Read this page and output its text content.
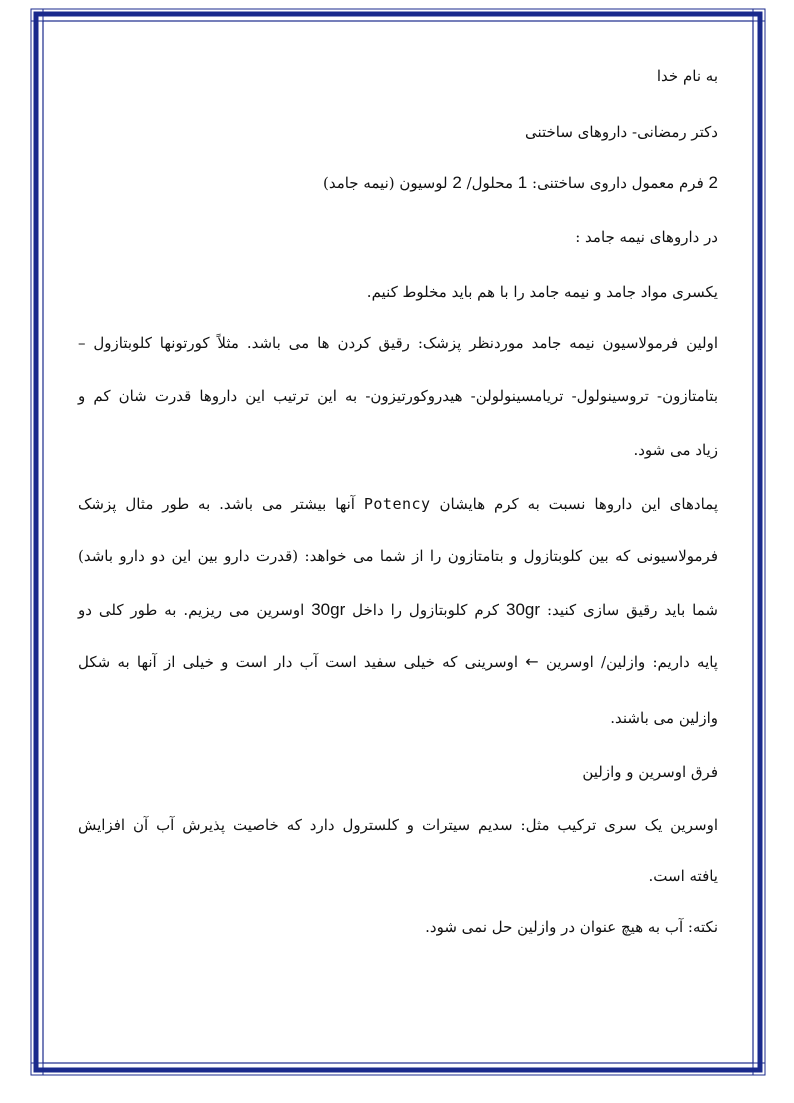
به نام خدا
دکتر رمضانی- داروهای ساختنی
2 فرم معمول داروی ساختنی: 1 محلول/ 2 لوسیون (نیمه جامد)
در داروهای نیمه جامد :
یکسری مواد جامد و نیمه جامد را با هم باید مخلوط کنیم.
اولین فرمولاسیون نیمه جامد موردنظر پزشک: رقیق کردن ها می باشد. مثلاً کورتونها کلوبتازول –
بتامتازون- تروسینولول- تریامسینولولن- هیدروکورتیزون- به این ترتیب این داروها قدرت شان کم و
زیاد می شود.
پمادهای این داروها نسبت به کرم هایشان Potency آنها بیشتر می باشد. به طور مثال پزشک
فرمولاسیونی که بین کلوبتازول و بتامتازون را از شما می خواهد: (قدرت دارو بین این دو دارو باشد)
شما باید رقیق سازی کنید: 30gr کرم کلوبتازول را داخل 30gr اوسرین می ریزیم. به طور کلی دو
پایه داریم: وازلین/ اوسرین ← اوسرینی که خیلی سفید است آب دار است و خیلی از آنها به شکل
وازلین می باشند.
فرق اوسرین و وازلین
اوسرین یک سری ترکیب مثل: سدیم سیترات و کلسترول دارد که خاصیت پذیرش آب آن افزایش
یافته است.
نکته: آب به هیچ عنوان در وازلین حل نمی شود.
